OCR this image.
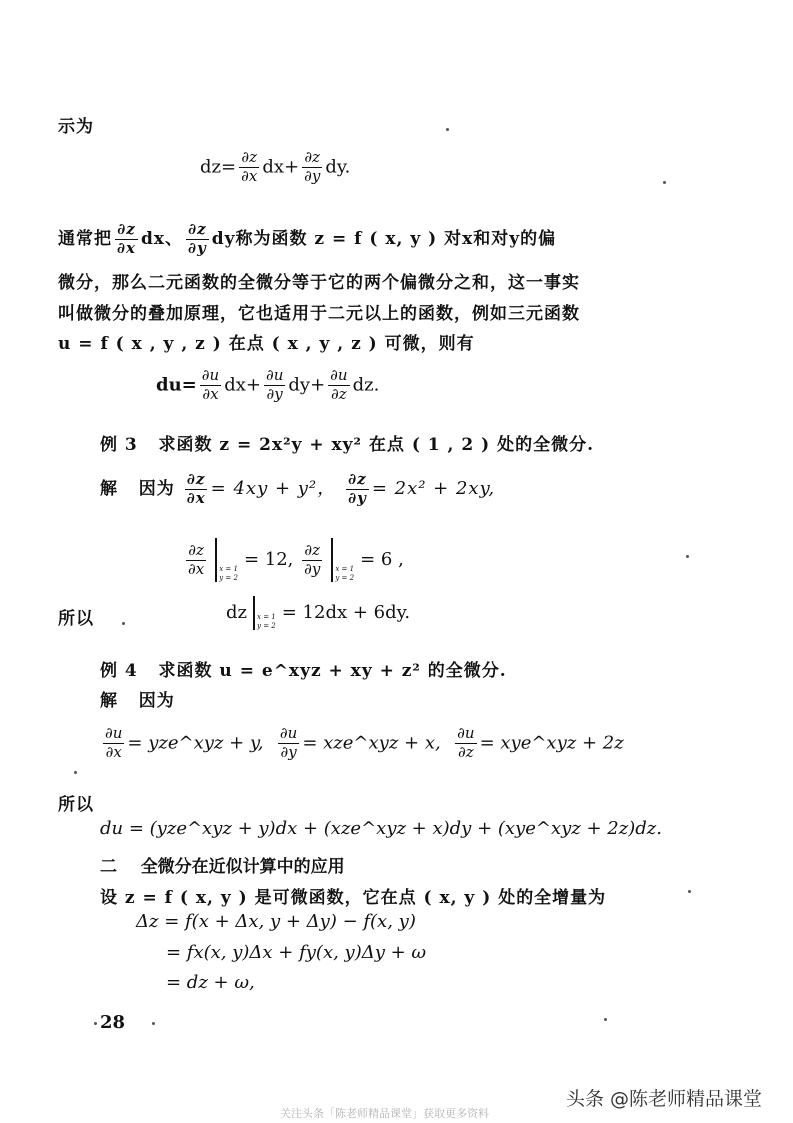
示为
$dz= \frac{\partial z}{\partial x} dx+ \frac{\partial z}{\partial y}$ dy.
通常把 $\frac{\partial z}{\partial x}$ dx、 $\frac{\partial z}{\partial y}$ dy称为函数 z = f ( x, y ) 对x和对y的偏
微分，那么二元函数的全微分等于它的两个偏微分之和，这一事实
叫做微分的叠加原理，它也适用于二元以上的函数，例如三元函数
u = f ( x , y , z ) 在点 ( x , y , z ) 可微，则有
$du= \frac{\partial u}{\partial x} dx+ \frac{\partial u}{\partial y} dy+ \frac{\partial u}{\partial z}$ dz.
例 3 求函数 z = 2x²y + xy² 在点 ( 1 , 2 ) 处的全微分.
解 因为 $\frac{\partial z}{\partial x} = 4xy + y^2$， $\frac{\partial z}{\partial y} = 2x^2 + 2xy$,
$\frac{\partial z}{\partial x}$ x = 1
y = 2
= 12, $\frac{\partial z}{\partial y}$ x = 1
y = 2
= 6 ,
所以	dz x = 1
y = 2
= 12dx + 6dy.
例 4 求函数 u = e^xyz + xy + z² 的全微分.
解 因为
$\frac{\partial u}{\partial x}$ = yze^xyz + y, $\frac{\partial u}{\partial y}$ = xze^xyz + x, $\frac{\partial u}{\partial z}$ = xye^xyz + 2z
所以
du = (yze^xyz + y)dx + (xze^xyz + x)dy + (xye^xyz + 2z)dz.
二 全微分在近似计算中的应用
设 z = f ( x, y ) 是可微函数，它在点 ( x, y ) 处的全增量为
Δz = f(x + Δx, y + Δy) − f(x, y)
= fx(x, y)Δx + fy(x, y)Δy + ω
= dz + ω,
28
关注头条「陈老师精品课堂」获取更多资料
头条 @陈老师精品课堂
